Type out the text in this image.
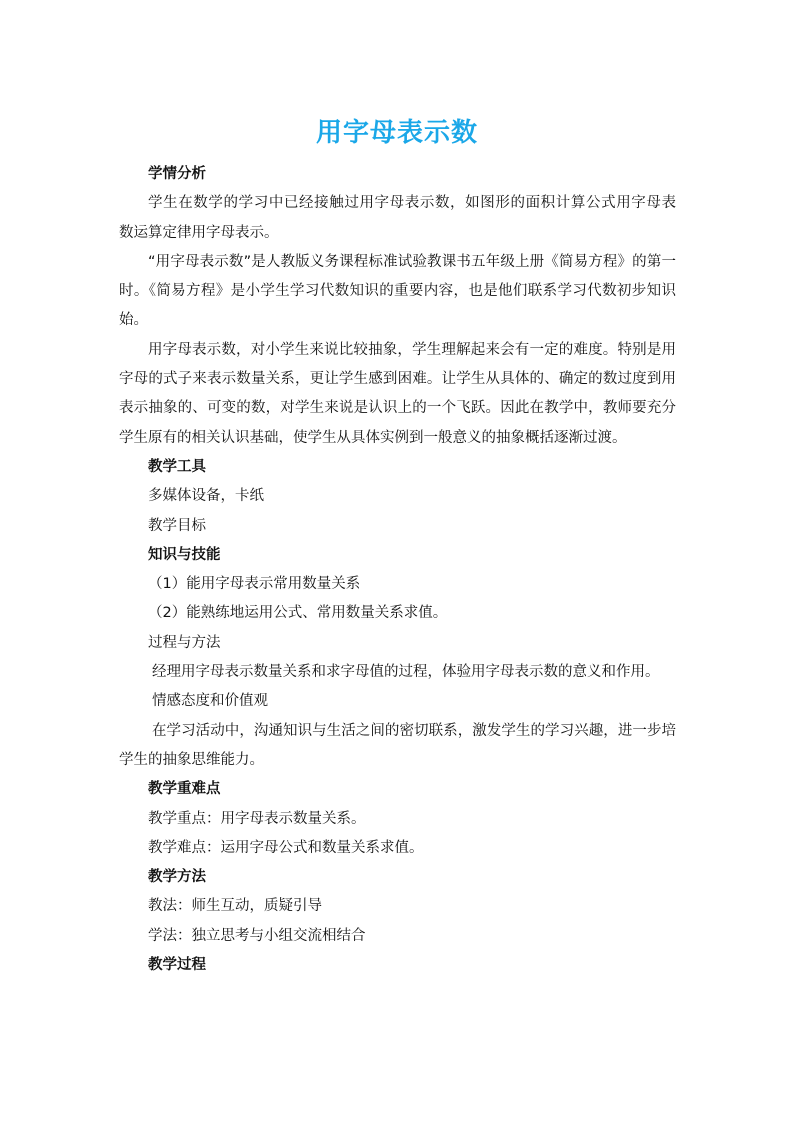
用字母表示数
学情分析
学生在数学的学习中已经接触过用字母表示数，如图形的面积计算公式用字母表
数运算定律用字母表示。
“用字母表示数”是人教版义务课程标准试验教课书五年级上册《简易方程》的第一
时。《简易方程》是小学生学习代数知识的重要内容，也是他们联系学习代数初步知识
始。
用字母表示数，对小学生来说比较抽象，学生理解起来会有一定的难度。特别是用
字母的式子来表示数量关系，更让学生感到困难。让学生从具体的、确定的数过度到用
表示抽象的、可变的数，对学生来说是认识上的一个飞跃。因此在教学中，教师要充分
学生原有的相关认识基础，使学生从具体实例到一般意义的抽象概括逐渐过渡。
教学工具
多媒体设备，卡纸
教学目标
知识与技能
（1）能用字母表示常用数量关系
（2）能熟练地运用公式、常用数量关系求值。
过程与方法
经理用字母表示数量关系和求字母值的过程，体验用字母表示数的意义和作用。
情感态度和价值观
在学习活动中，沟通知识与生活之间的密切联系，激发学生的学习兴趣，进一步培
学生的抽象思维能力。
教学重难点
教学重点：用字母表示数量关系。
教学难点：运用字母公式和数量关系求值。
教学方法
教法：师生互动，质疑引导
学法：独立思考与小组交流相结合
教学过程
